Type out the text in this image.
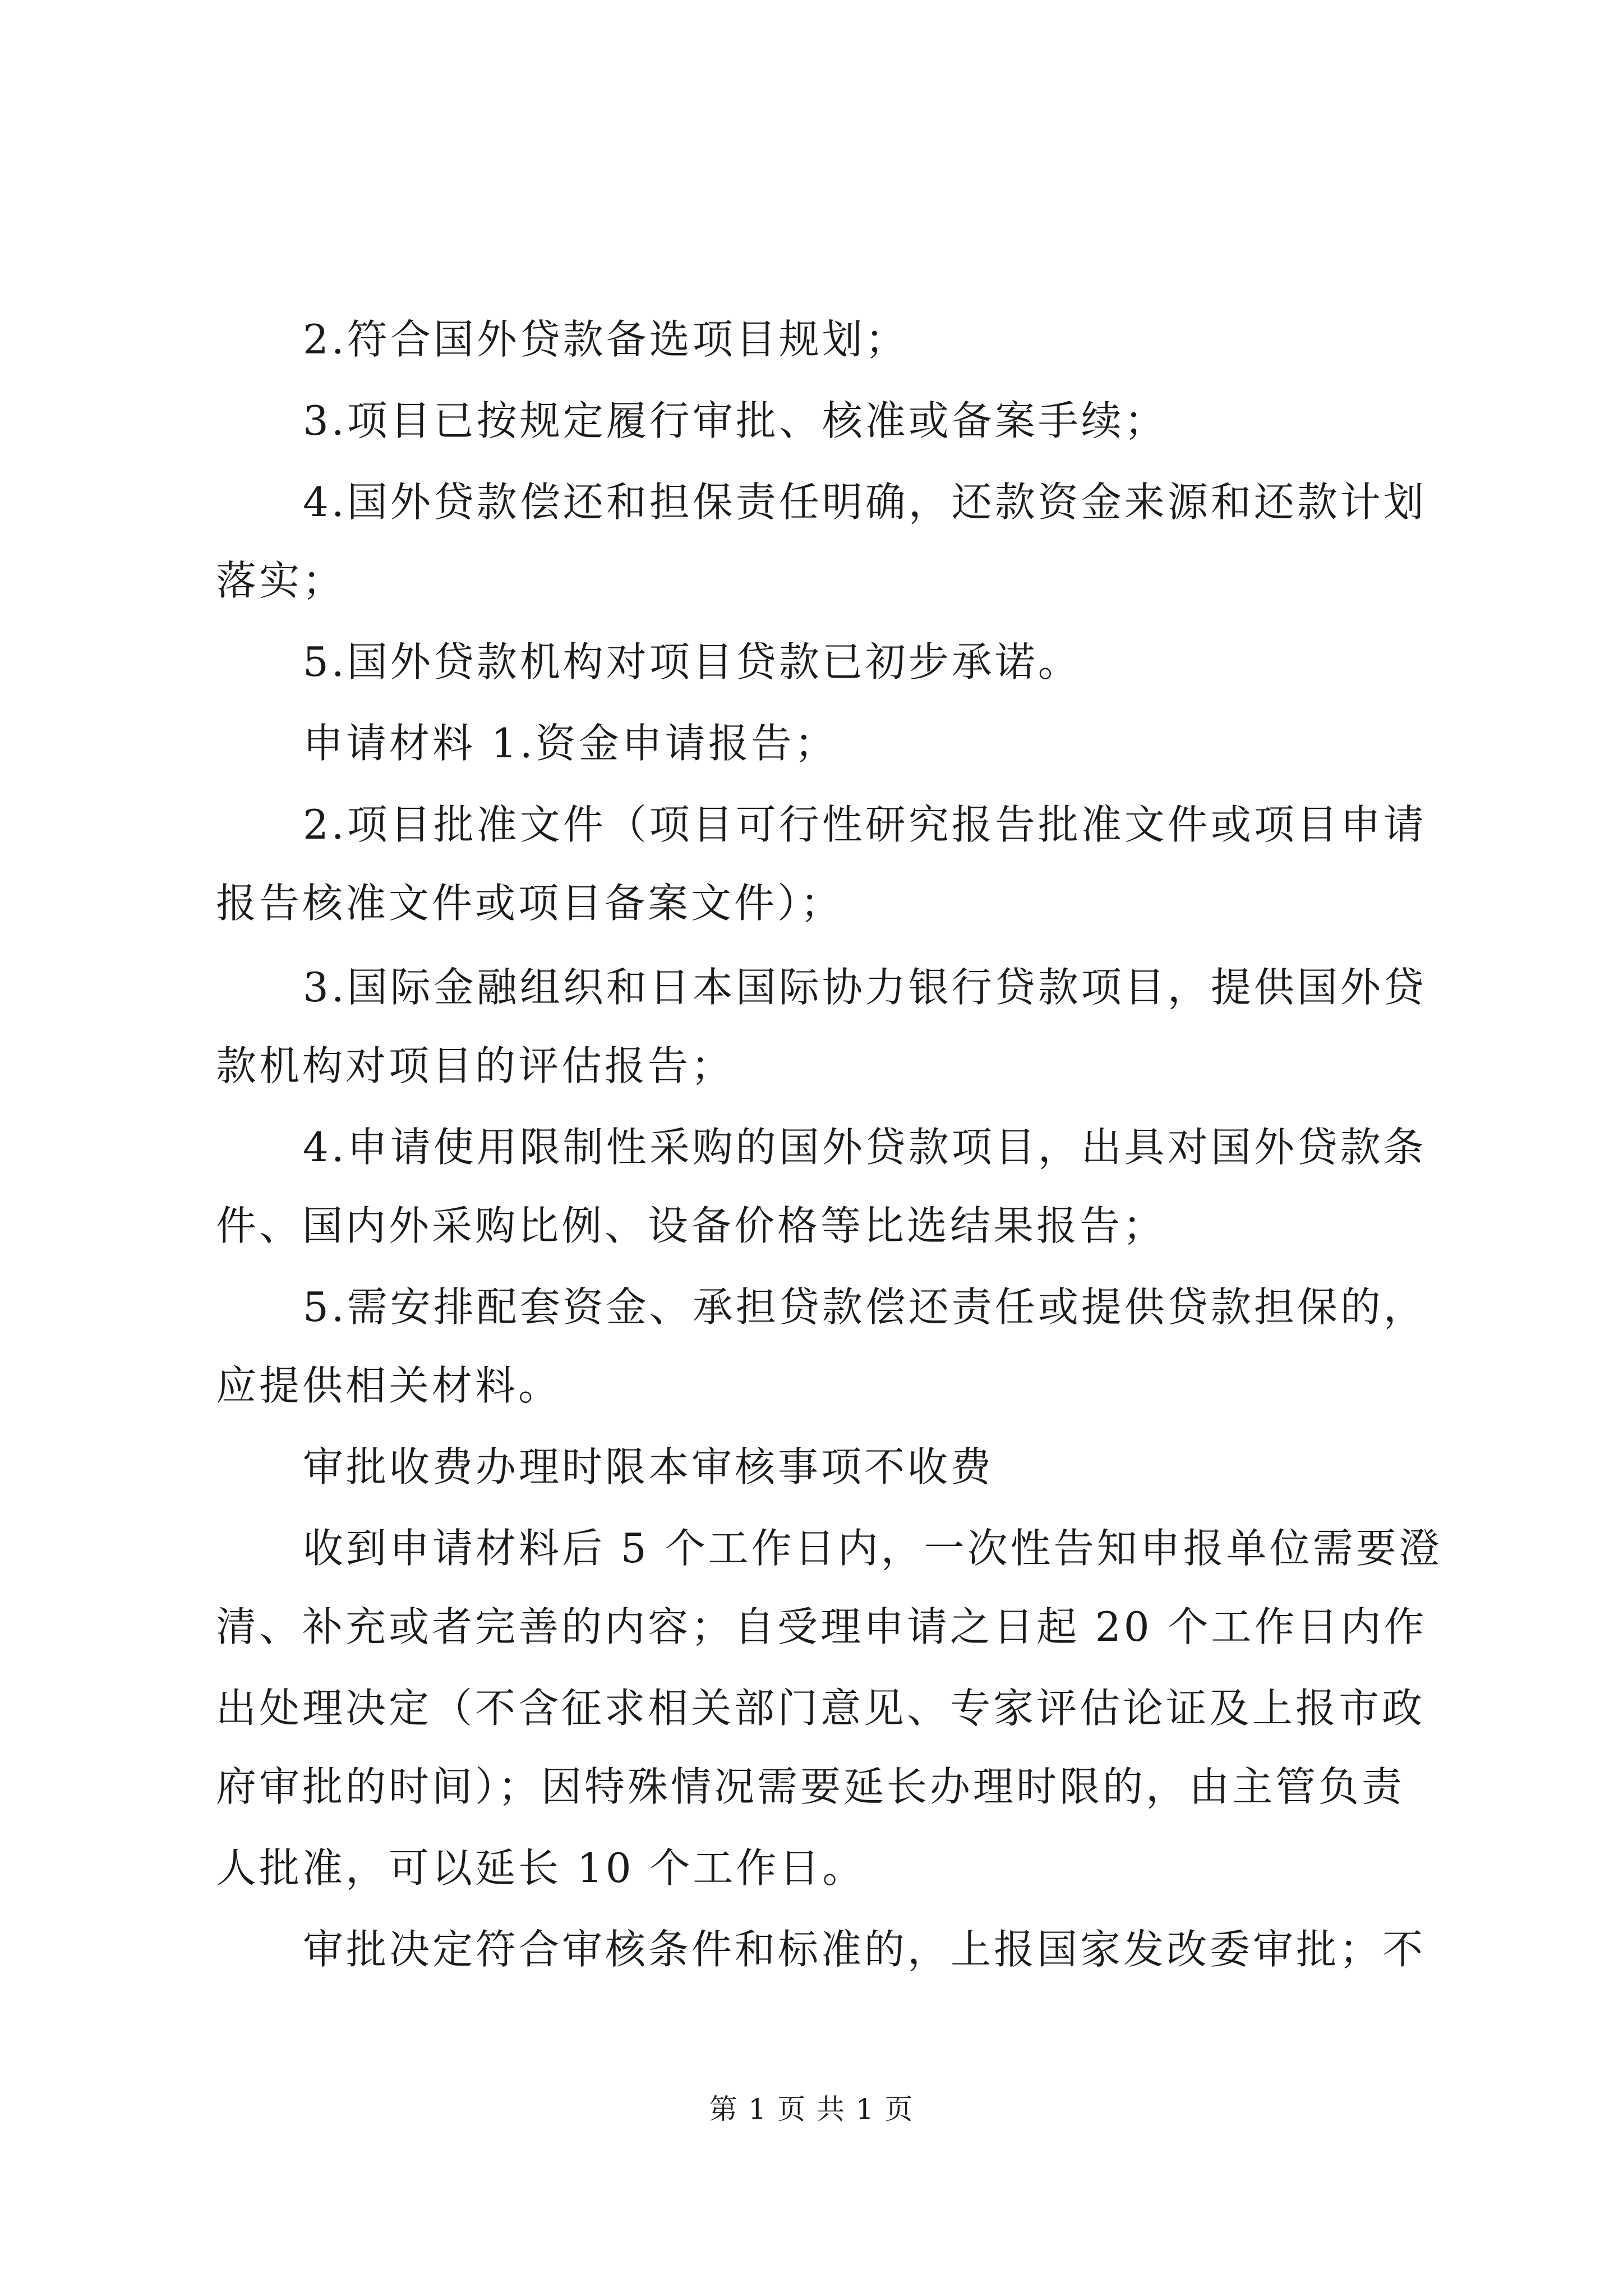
2.符合国外贷款备选项目规划；
3.项目已按规定履行审批、核准或备案手续；
4.国外贷款偿还和担保责任明确，还款资金来源和还款计划
落实；
5.国外贷款机构对项目贷款已初步承诺。
申请材料 1.资金申请报告；
2.项目批准文件（项目可行性研究报告批准文件或项目申请
报告核准文件或项目备案文件）；
3.国际金融组织和日本国际协力银行贷款项目，提供国外贷
款机构对项目的评估报告；
4.申请使用限制性采购的国外贷款项目，出具对国外贷款条
件、国内外采购比例、设备价格等比选结果报告；
5.需安排配套资金、承担贷款偿还责任或提供贷款担保的，
应提供相关材料。
审批收费办理时限本审核事项不收费
收到申请材料后 5 个工作日内，一次性告知申报单位需要澄
清、补充或者完善的内容；自受理申请之日起 20 个工作日内作
出处理决定（不含征求相关部门意见、专家评估论证及上报市政
府审批的时间）；因特殊情况需要延长办理时限的，由主管负责
人批准，可以延长 10 个工作日。
审批决定符合审核条件和标准的，上报国家发改委审批；不
第 1 页 共 1 页
